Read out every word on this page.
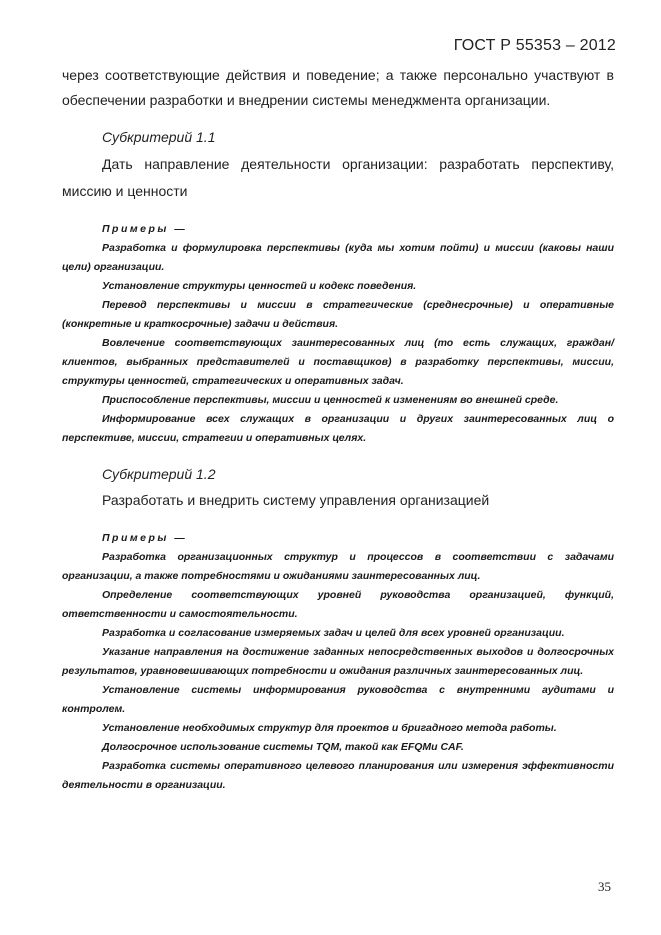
ГОСТ Р 55353 – 2012
через соответствующие действия и поведение; а также персонально участвуют в обеспечении разработки и внедрении системы менеджмента организации.
Субкритерий 1.1
Дать направление деятельности организации: разработать перспективу, миссию и ценности

Примеры —

Разработка и формулировка перспективы (куда мы хотим пойти) и миссии (каковы наши цели) организации.

Установление структуры ценностей и кодекс поведения.

Перевод перспективы и миссии в стратегические (среднесрочные) и оперативные (конкретные и краткосрочные) задачи и действия.

Вовлечение соответствующих заинтересованных лиц (то есть служащих, граждан/клиентов, выбранных представителей и поставщиков) в разработку перспективы, миссии, структуры ценностей, стратегических и оперативных задач.

Приспособление перспективы, миссии и ценностей к изменениям во внешней среде.

Информирование всех служащих в организации и других заинтересованных лиц о перспективе, миссии, стратегии и оперативных целях.

Субкритерий 1.2
Разработать и внедрить систему управления организацией

Примеры —

Разработка организационных структур и процессов в соответствии с задачами организации, а также потребностями и ожиданиями заинтересованных лиц.

Определение соответствующих уровней руководства организацией, функций, ответственности и самостоятельности.

Разработка и согласование измеряемых задач и целей для всех уровней организации.

Указание направления на достижение заданных непосредственных выходов и долгосрочных результатов, уравновешивающих потребности и ожидания различных заинтересованных лиц.

Установление системы информирования руководства с внутренними аудитами и контролем.

Установление необходимых структур для проектов и бригадного метода работы.

Долгосрочное использование системы TQM, такой как EFQMи CAF.

Разработка системы оперативного целевого планирования или измерения эффективности деятельности в организации.

35
